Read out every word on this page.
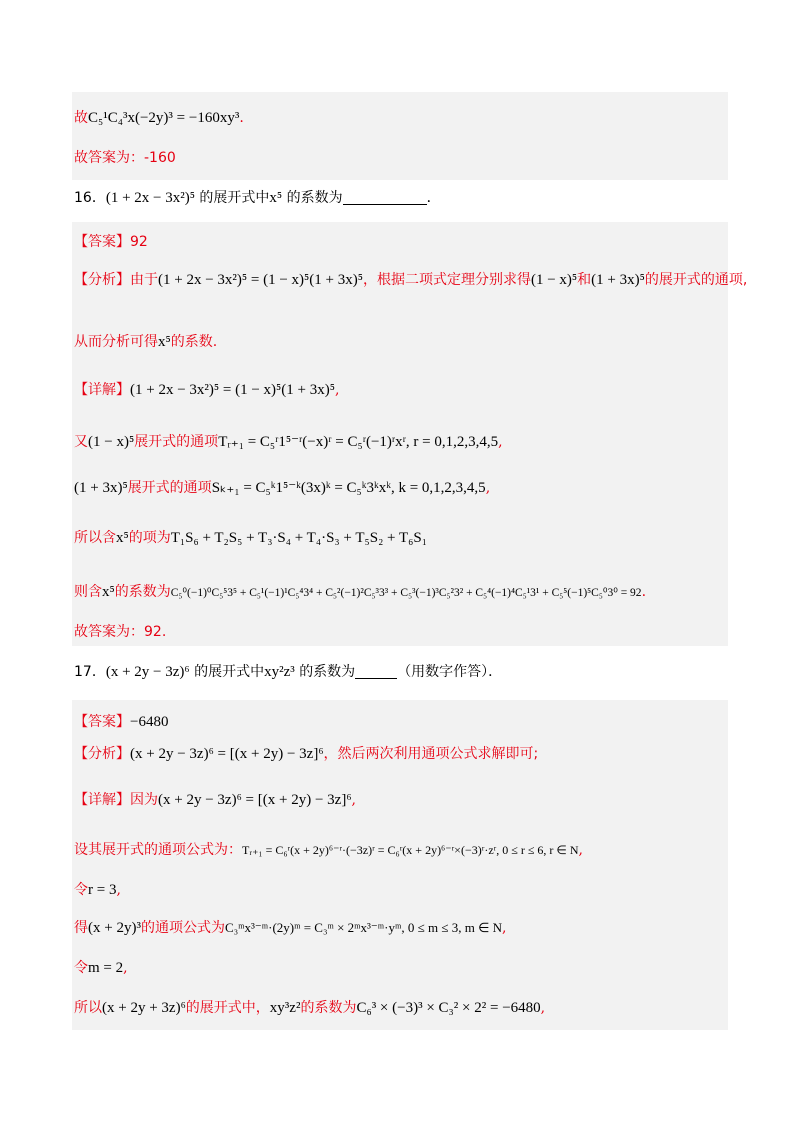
故C₅¹C₄³x(−2y)³ = −160xy³.
故答案为：-160
16．(1 + 2x − 3x²)⁵ 的展开式中x⁵ 的系数为	．
【答案】92
【分析】由于(1 + 2x − 3x²)⁵ = (1 − x)⁵(1 + 3x)⁵，根据二项式定理分别求得(1 − x)⁵和(1 + 3x)⁵的展开式的通项,
从而分析可得x⁵的系数.
【详解】(1 + 2x − 3x²)⁵ = (1 − x)⁵(1 + 3x)⁵,
又(1 − x)⁵展开式的通项Tᵣ₊₁ = C₅ʳ1⁵⁻ʳ(−x)ʳ = C₅ʳ(−1)ʳxʳ, r = 0,1,2,3,4,5,
(1 + 3x)⁵展开式的通项Sₖ₊₁ = C₅ᵏ1⁵⁻ᵏ(3x)ᵏ = C₅ᵏ3ᵏxᵏ, k = 0,1,2,3,4,5,
所以含x⁵的项为T₁S₆ + T₂S₅ + T₃·S₄ + T₄·S₃ + T₅S₂ + T₆S₁
则含x⁵的系数为C₅⁰(−1)⁰C₅⁵3⁵ + C₅¹(−1)¹C₅⁴3⁴ + C₅²(−1)²C₅³3³ + C₅³(−1)³C₅²3² + C₅⁴(−1)⁴C₅¹3¹ + C₅⁵(−1)⁵C₅⁰3⁰ = 92.
故答案为：92.
17．(x + 2y − 3z)⁶ 的展开式中xy²z³ 的系数为	（用数字作答）．
【答案】−6480
【分析】(x + 2y − 3z)⁶ = [(x + 2y) − 3z]⁶，然后两次利用通项公式求解即可;
【详解】因为(x + 2y − 3z)⁶ = [(x + 2y) − 3z]⁶,
设其展开式的通项公式为：Tᵣ₊₁ = C₆ʳ(x + 2y)⁶⁻ʳ·(−3z)ʳ = C₆ʳ(x + 2y)⁶⁻ʳ×(−3)ʳ·zʳ, 0 ≤ r ≤ 6, r ∈ N,
令r = 3,
得(x + 2y)³的通项公式为C₃ᵐx³⁻ᵐ·(2y)ᵐ = C₃ᵐ × 2ᵐx³⁻ᵐ·yᵐ, 0 ≤ m ≤ 3, m ∈ N,
令m = 2,
所以(x + 2y + 3z)⁶的展开式中，xy³z²的系数为C₆³ × (−3)³ × C₃² × 2² = −6480,
